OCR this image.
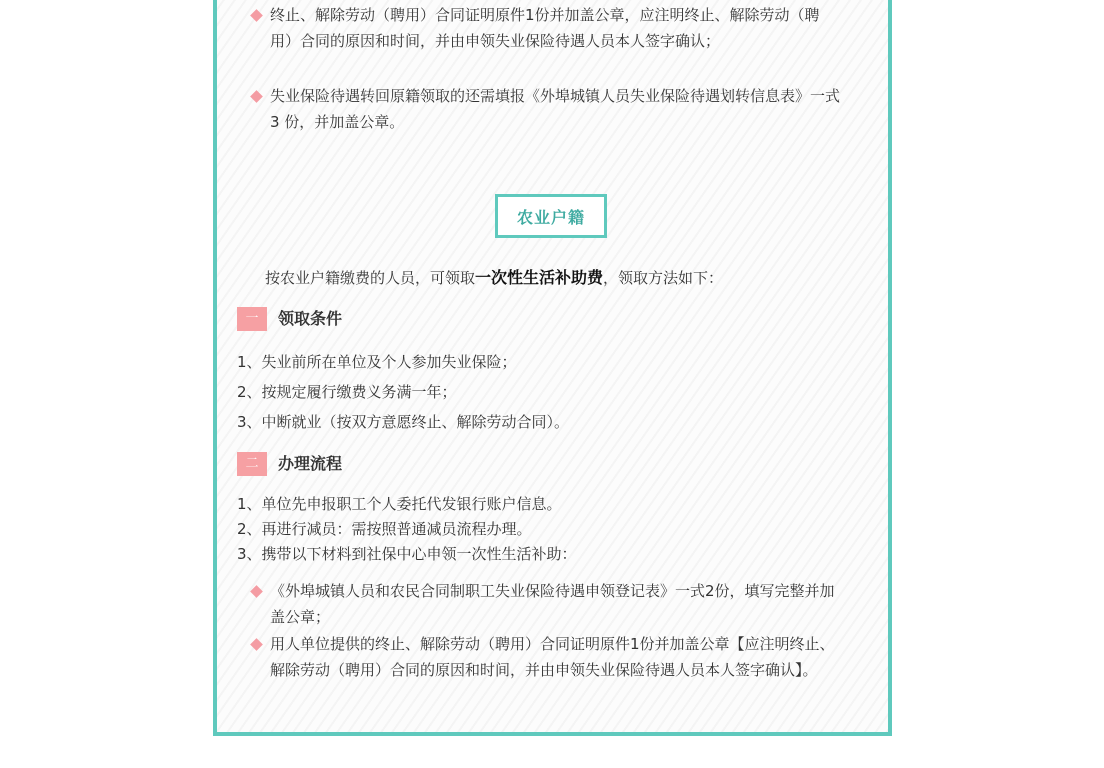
终止、解除劳动（聘用）合同证明原件1份并加盖公章，应注明终止、解除劳动（聘用）合同的原因和时间，并由申领失业保险待遇人员本人签字确认；
失业保险待遇转回原籍领取的还需填报《外埠城镇人员失业保险待遇划转信息表》一式 3 份，并加盖公章。
农业户籍
按农业户籍缴费的人员，可领取一次性生活补助费，领取方法如下：
一	领取条件
1、失业前所在单位及个人参加失业保险；
2、按规定履行缴费义务满一年；
3、中断就业（按双方意愿终止、解除劳动合同）。
二	办理流程
1、单位先申报职工个人委托代发银行账户信息。
2、再进行减员：需按照普通减员流程办理。
3、携带以下材料到社保中心申领一次性生活补助：
《外埠城镇人员和农民合同制职工失业保险待遇申领登记表》一式2份，填写完整并加盖公章；
用人单位提供的终止、解除劳动（聘用）合同证明原件1份并加盖公章【应注明终止、解除劳动（聘用）合同的原因和时间，并由申领失业保险待遇人员本人签字确认】。
